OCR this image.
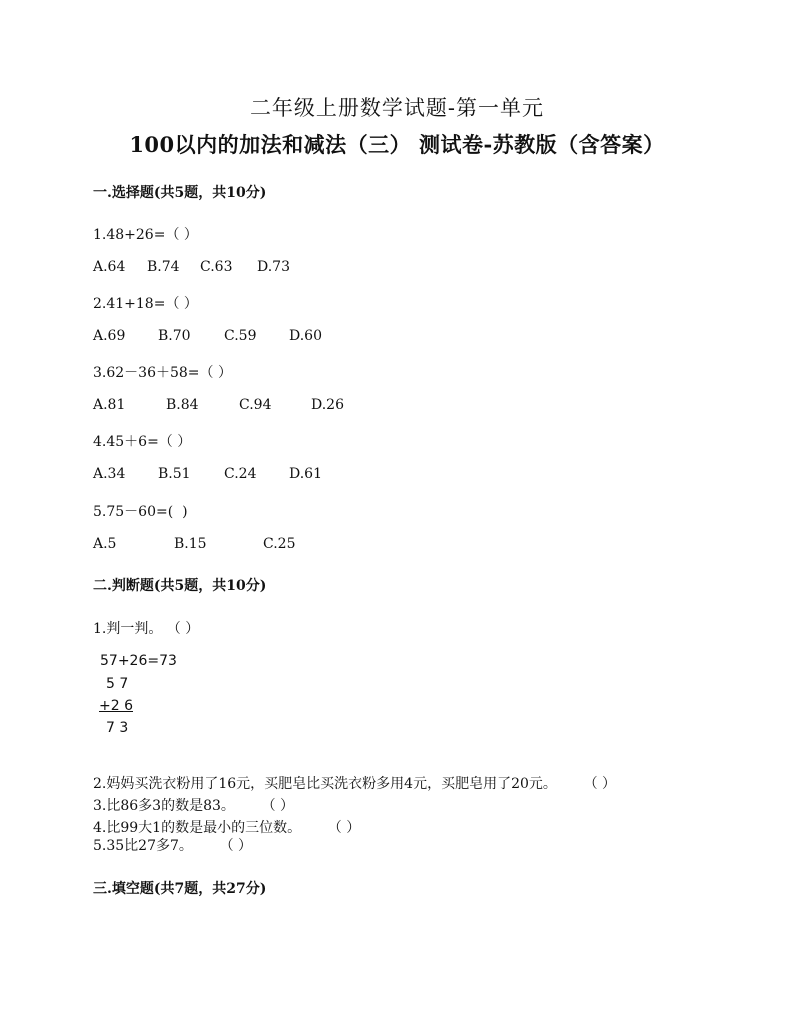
二年级上册数学试题-第一单元
100以内的加法和减法（三） 测试卷-苏教版（含答案）
一.选择题(共5题，共10分)
1.48+26=（ ）
A.64 B.74 C.63 D.73
2.41+18=（ ）
A.69 B.70 C.59 D.60
3.62－36＋58=（ ）
A.81	B.84	C.94	D.26
4.45＋6=（ ）
A.34 B.51 C.24 D.61
5.75－60=(  )
A.5	B.15	C.25
二.判断题(共5题，共10分)
1.判一判。 （ ）
57+26=73
5 7
+2 6
7 3
2.妈妈买洗衣粉用了16元，买肥皂比买洗衣粉多用4元，买肥皂用了20元。      （ ）
3.比86多3的数是83。      （ ）
4.比99大1的数是最小的三位数。      （ ）
5.35比27多7。      （ ）
三.填空题(共7题，共27分)
